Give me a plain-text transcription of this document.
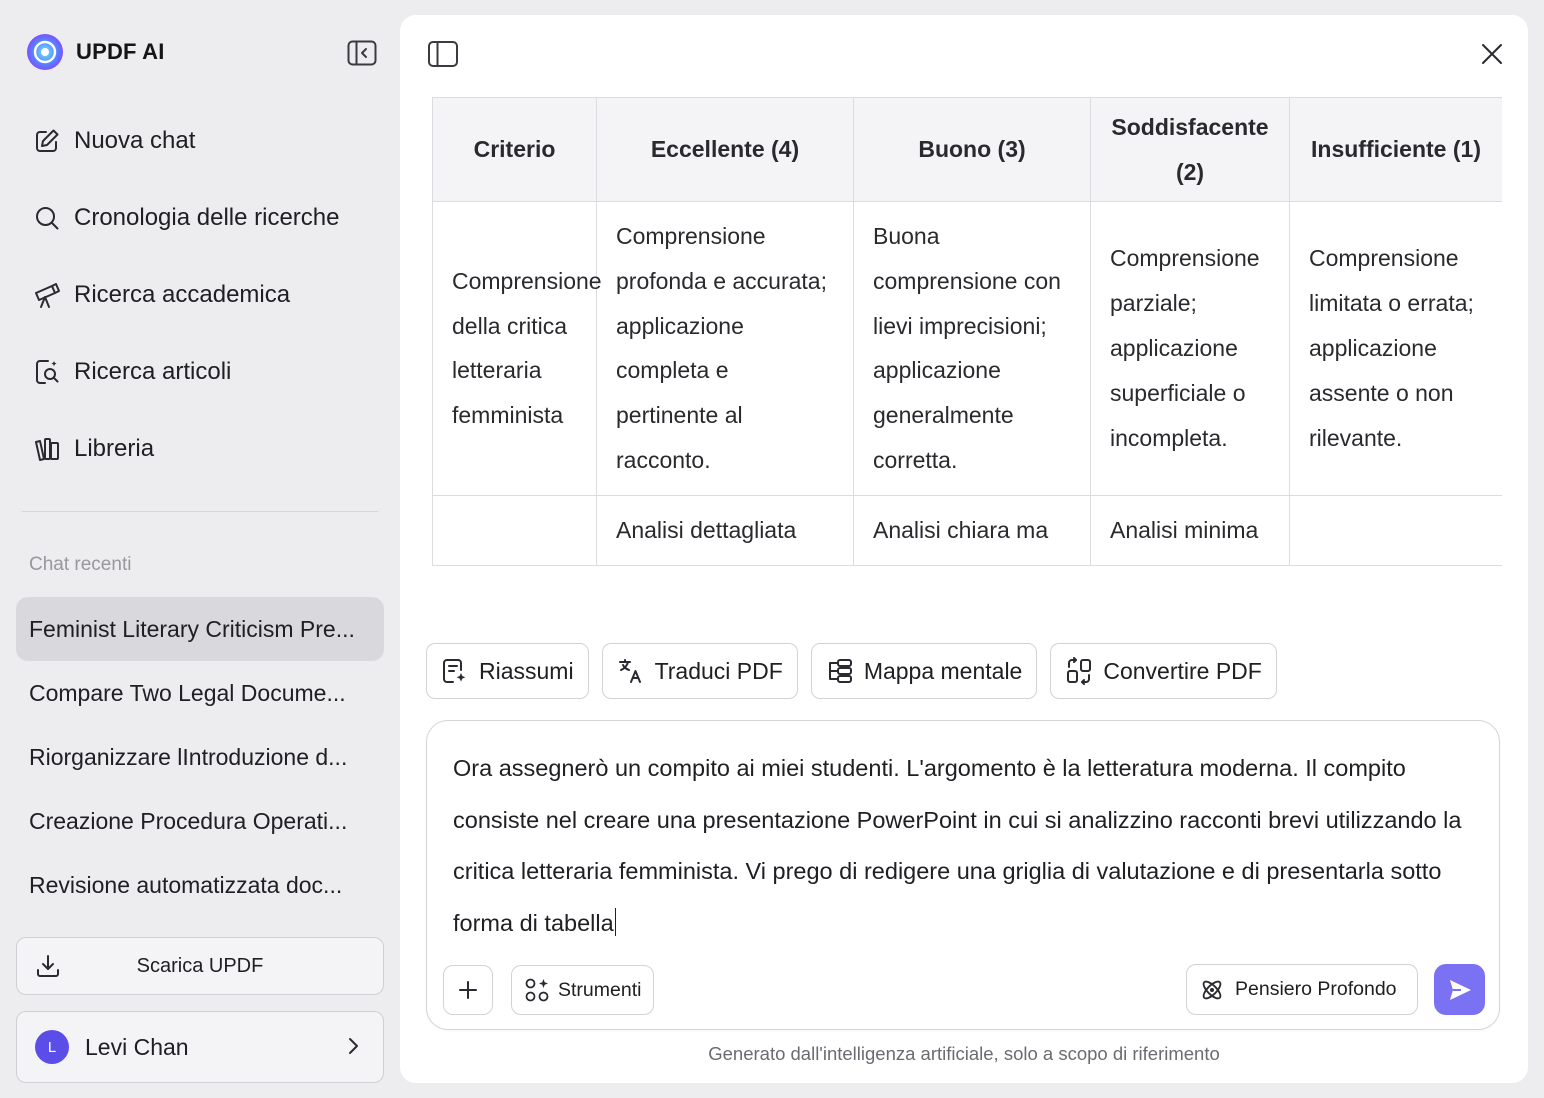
UPDF AI
Nuova chat
Cronologia delle ricerche
Ricerca accademica
Ricerca articoli
Libreria
Chat recenti
Feminist Literary Criticism Pre...
Compare Two Legal Docume...
Riorganizzare lIntroduzione d...
Creazione Procedura Operati...
Revisione automatizzata doc...
Scarica UPDF
L	Levi Chan
Criterio	Eccellente (4)	Buono (3)	Soddisfacente (2)	Insufficiente (1)
Comprensione della critica letteraria femminista	Comprensione profonda e accurata; applicazione completa e pertinente al racconto.	Buona comprensione con lievi imprecisioni; applicazione generalmente corretta.	Comprensione parziale; applicazione superficiale o incompleta.	Comprensione limitata o errata; applicazione assente o non rilevante.
	Analisi dettagliata	Analisi chiara ma	Analisi minima	
Riassumi	Traduci PDF	Mappa mentale	Convertire PDF
Ora assegnerò un compito ai miei studenti. L'argomento è la letteratura moderna. Il compito consiste nel creare una presentazione PowerPoint in cui si analizzino racconti brevi utilizzando la critica letteraria femminista. Vi prego di redigere una griglia di valutazione e di presentarla sotto forma di tabella
Strumenti	Pensiero Profondo
Generato dall'intelligenza artificiale, solo a scopo di riferimento
